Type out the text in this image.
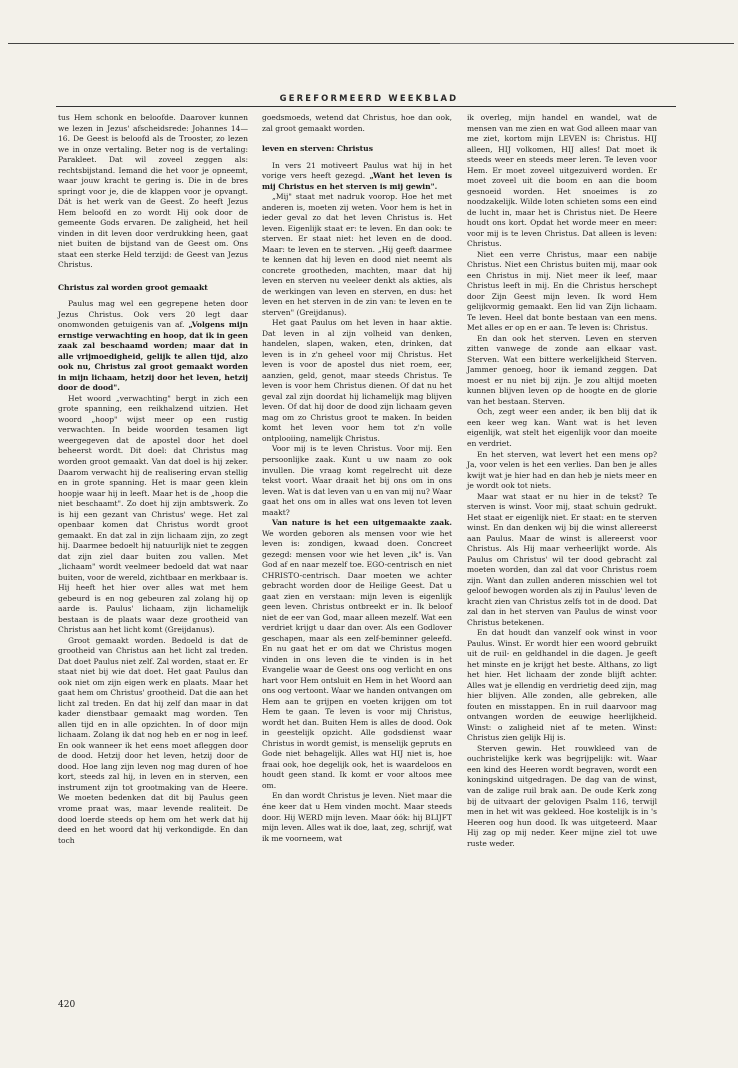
GEREFORMEERD WEEKBLAD

tus Hem schonk en beloofde. Daarover kunnen we lezen in Jezus' afscheidsrede: Johannes 14—16. De Geest is beloofd als de Trooster, zo lezen we in onze vertaling. Beter nog is de vertaling: Parakleet. Dat wil zoveel zeggen als: rechtsbijstand. Iemand die het voor je opneemt, waar jouw kracht te gering is. Die in de bres springt voor je, die de klappen voor je opvangt. Dát is het werk van de Geest. Zo heeft Jezus Hem beloofd en zo wordt Hij ook door de gemeente Gods ervaren. De zaligheid, het heil vinden in dit leven door verdrukking heen, gaat niet buiten de bijstand van de Geest om. Ons staat een sterke Held terzijd: de Geest van Jezus Christus.

Christus zal worden groot gemaakt

Paulus mag wel een gegrepene heten door Jezus Christus. Ook vers 20 legt daar onomwonden getuigenis van af. „Volgens mijn ernstige verwachting en hoop, dat ik in geen zaak zal beschaamd worden; maar dat in alle vrijmoedigheid, gelijk te allen tijd, alzo ook nu, Christus zal groot gemaakt worden in mijn lichaam, hetzij door het leven, hetzij door de dood".

Het woord „verwachting" bergt in zich een grote spanning, een reikhalzend uitzien. Het woord „hoop" wijst meer op een rustig verwachten. In beide woorden tesamen ligt weergegeven dat de apostel door het doel beheerst wordt. Dit doel: dat Christus mag worden groot gemaakt. Van dat doel is hij zeker. Daarom verwacht hij de realisering ervan stellig en in grote spanning. Het is maar geen klein hoopje waar hij in leeft. Maar het is de „hoop die niet beschaamt". Zo doet hij zijn ambtswerk. Zo is hij een gezant van Christus' wege. Het zal openbaar komen dat Christus wordt groot gemaakt. En dat zal in zijn lichaam zijn, zo zegt hij. Daarmee bedoelt hij natuurlijk niet te zeggen dat zijn ziel daar buiten zou vallen. Met „lichaam" wordt veelmeer bedoeld dat wat naar buiten, voor de wereld, zichtbaar en merkbaar is. Hij heeft het hier over alles wat met hem gebeurd is en nog gebeuren zal zolang hij op aarde is. Paulus' lichaam, zijn lichamelijk bestaan is de plaats waar deze grootheid van Christus aan het licht komt (Greijdanus).

Groot gemaakt worden. Bedoeld is dat de grootheid van Christus aan het licht zal treden. Dat doet Paulus niet zelf. Zal worden, staat er. Er staat niet bij wie dat doet. Het gaat Paulus dan ook niet om zijn eigen werk en plaats. Maar het gaat hem om Christus' grootheid. Dat die aan het licht zal treden. En dat hij zelf dan maar in dat kader dienstbaar gemaakt mag worden. Ten allen tijd en in alle opzichten. In of door mijn lichaam. Zolang ik dat nog heb en er nog in leef. En ook wanneer ik het eens moet afleggen door de dood. Hetzij door het leven, hetzij door de dood. Hoe lang zijn leven nog mag duren of hoe kort, steeds zal hij, in leven en in sterven, een instrument zijn tot grootmaking van de Heere. We moeten bedenken dat dit bij Paulus geen vrome praat was, maar levende realiteit. De dood loerde steeds op hem om het werk dat hij deed en het woord dat hij verkondigde. En dan toch

goedsmoeds, wetend dat Christus, hoe dan ook, zal groot gemaakt worden.

leven en sterven: Christus

In vers 21 motiveert Paulus wat hij in het vorige vers heeft gezegd. „Want het leven is mij Christus en het sterven is mij gewin".

„Mij" staat met nadruk voorop. Hoe het met anderen is, moeten zij weten. Voor hem is het in ieder geval zo dat het leven Christus is. Het leven. Eigenlijk staat er: te leven. En dan ook: te sterven. Er staat niet: het leven en de dood. Maar: te leven en te sterven. „Hij geeft daarmee te kennen dat hij leven en dood niet neemt als concrete grootheden, machten, maar dat hij leven en sterven nu veeleer denkt als akties, als de werkingen van leven en sterven, en dus: het leven en het sterven in de zin van: te leven en te sterven" (Greijdanus).

Het gaat Paulus om het leven in haar aktie. Dat leven in al zijn volheid van denken, handelen, slapen, waken, eten, drinken, dat leven is in z'n geheel voor mij Christus. Het leven is voor de apostel dus niet roem, eer, aanzien, geld, genot, maar steeds Christus. Te leven is voor hem Christus dienen. Of dat nu het geval zal zijn doordat hij lichamelijk mag blijven leven. Of dat hij door de dood zijn lichaam geven mag om zo Christus groot te maken. In beiden komt het leven voor hem tot z'n volle ontplooiing, namelijk Christus.

Voor mij is te leven Christus. Voor mij. Een persoonlijke zaak. Kunt u uw naam zo ook invullen. Die vraag komt regelrecht uit deze tekst voort. Waar draait het bij ons om in ons leven. Wat is dat leven van u en van mij nu? Waar gaat het ons om in alles wat ons leven tot leven maakt?

Van nature is het een uitgemaakte zaak. We worden geboren als mensen voor wie het leven is: zondigen, kwaad doen. Concreet gezegd: mensen voor wie het leven „ik" is. Van God af en naar mezelf toe. EGO-centrisch en niet CHRISTO-centrisch. Daar moeten we achter gebracht worden door de Heilige Geest. Dat u gaat zien en verstaan: mijn leven is eigenlijk geen leven. Christus ontbreekt er in. Ik beloof niet de eer van God, maar alleen mezelf. Wat een verdriet krijgt u daar dan over. Als een Godlover geschapen, maar als een zelf-beminner geleefd. En nu gaat het er om dat we Christus mogen vinden in ons leven die te vinden is in het Evangelie waar de Geest ons oog verlicht en ons hart voor Hem ontsluit en Hem in het Woord aan ons oog vertoont. Waar we handen ontvangen om Hem aan te grijpen en voeten krijgen om tot Hem te gaan. Te leven is voor mij Christus, wordt het dan. Buiten Hem is alles de dood. Ook in geestelijk opzicht. Alle godsdienst waar Christus in wordt gemist, is menselijk gepruts en Gode niet behagelijk. Alles wat HIJ niet is, hoe fraai ook, hoe degelijk ook, het is waardeloos en houdt geen stand. Ik komt er voor altoos mee om.

En dan wordt Christus je leven. Niet maar die éne keer dat u Hem vinden mocht. Maar steeds door. Hij WERD mijn leven. Maar óók: hij BLIJFT mijn leven. Alles wat ik doe, laat, zeg, schrijf, wat ik me voorneem, wat

ik overleg, mijn handel en wandel, wat de mensen van me zien en wat God alleen maar van me ziet, kortom mijn LEVEN is: Christus. HIJ alleen, HIJ volkomen, HIJ alles! Dat moet ik steeds weer en steeds meer leren. Te leven voor Hem. Er moet zoveel uitgezuiverd worden. Er moet zoveel uit die boom en aan die boom gesnoeid worden. Het snoeimes is zo noodzakelijk. Wilde loten schieten soms een eind de lucht in, maar het is Christus niet. De Heere houdt ons kort. Opdat het worde meer en meer: voor mij is te leven Christus. Dat alleen is leven: Christus.

Niet een verre Christus, maar een nabije Christus. Niet een Christus buiten mij, maar ook een Christus in mij. Niet meer ik leef, maar Christus leeft in mij. En die Christus herschept door Zijn Geest mijn leven. Ik word Hem gelijkvormig gemaakt. Een lid van Zijn lichaam. Te leven. Heel dat bonte bestaan van een mens. Met alles er op en er aan. Te leven is: Christus.

En dan ook het sterven. Leven en sterven zitten vanwege de zonde aan elkaar vast. Sterven. Wat een bittere werkelijkheid Sterven. Jammer genoeg, hoor ik iemand zeggen. Dat moest er nu niet bij zijn. Je zou altijd moeten kunnen blijven leven op de hoogte en de glorie van het bestaan. Sterven.

Och, zegt weer een ander, ik ben blij dat ik een keer weg kan. Want wat is het leven eigenlijk, wat stelt het eigenlijk voor dan moeite en verdriet.

En het sterven, wat levert het een mens op? Ja, voor velen is het een verlies. Dan ben je alles kwijt wat je hier had en dan heb je niets meer en je wordt ook tot niets.

Maar wat staat er nu hier in de tekst? Te sterven is winst. Voor mij, staat schuin gedrukt. Het staat er eigenlijk niet. Er staat: en te sterven winst. En dan denken wij bij die winst allereerst aan Paulus. Maar de winst is allereerst voor Christus. Als Hij maar verheerlijkt worde. Als Paulus om Christus' wil ter dood gebracht zal moeten worden, dan zal dat voor Christus roem zijn. Want dan zullen anderen misschien wel tot geloof bewogen worden als zij in Paulus' leven de kracht zien van Christus zelfs tot in de dood. Dat zal dan in het sterven van Paulus de winst voor Christus betekenen.

En dat houdt dan vanzelf ook winst in voor Paulus. Winst. Er wordt hier een woord gebruikt uit de ruil- en geldhandel in die dagen. Je geeft het minste en je krijgt het beste. Althans, zo ligt het hier. Het lichaam der zonde blijft achter. Alles wat je ellendig en verdrietig deed zijn, mag hier blijven. Alle zonden, alle gebreken, alle fouten en misstappen. En in ruil daarvoor mag ontvangen worden de eeuwige heerlijkheid. Winst: o zaligheid niet af te meten. Winst: Christus zien gelijk Hij is.

Sterven gewin. Het rouwkleed van de ouchristelijke kerk was begrijpelijk: wit. Waar een kind des Heeren wordt begraven, wordt een koningskind uitgedragen. De dag van de winst, van de zalige ruil brak aan. De oude Kerk zong bij de uitvaart der gelovigen Psalm 116, terwijl men in het wit was gekleed. Hoe kostelijk is in 's Heeren oog hun dood. Ik was uitgeteerd. Maar Hij zag op mij neder. Keer mijne ziel tot uwe ruste weder.

420
